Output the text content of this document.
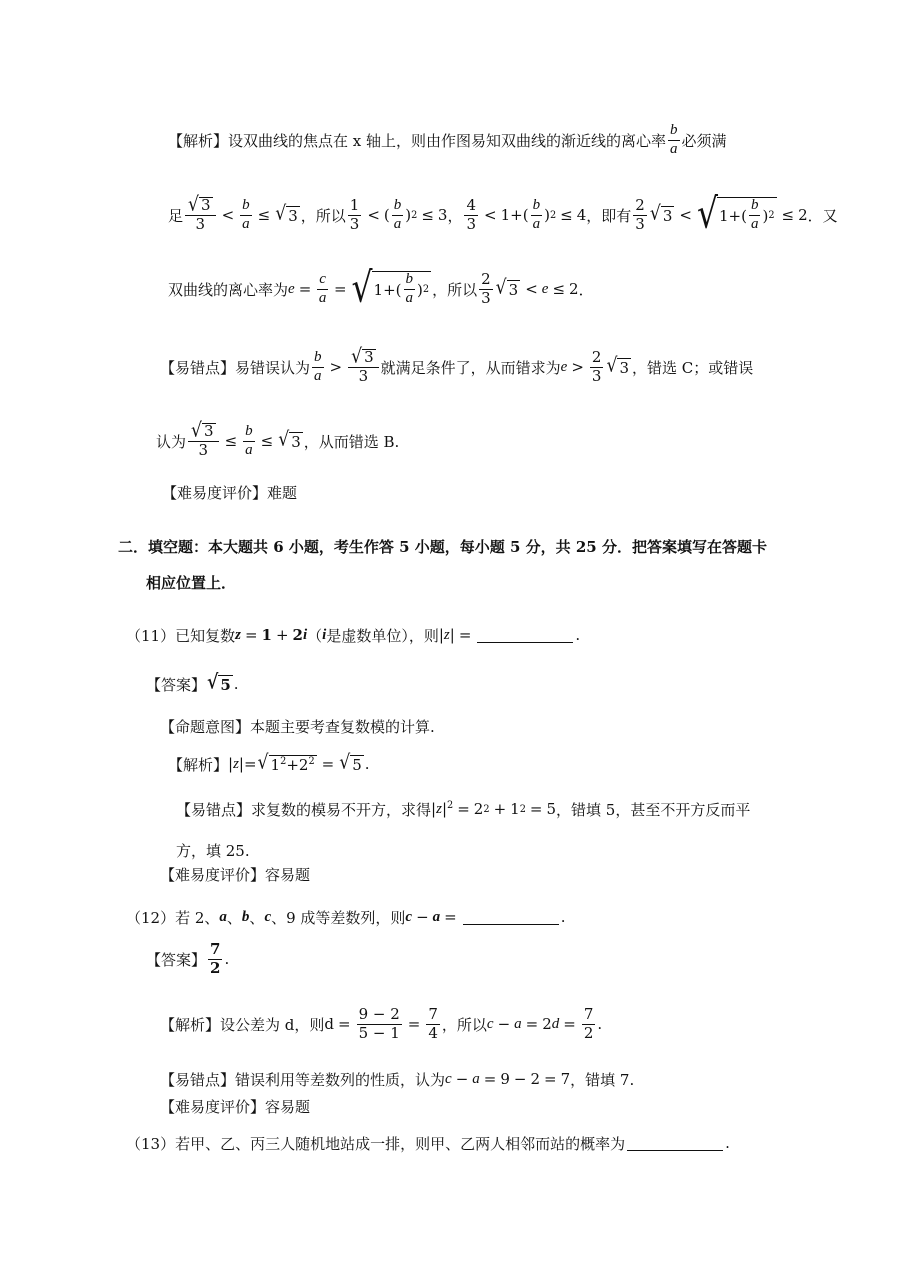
【解析】 设双曲线的焦点在 x 轴上，则由作图易知双曲线的渐近线的离心率 $\frac{b}{a}$ 必须满
足 $\frac{√ 3}{3} < \frac{b}{a}$ ≤ √ 3 ，所以 $\frac{1}{3}$ < ( $\frac{b}{a}$ ) 2 ≤ 3 ， $\frac{4}{3} < 1+( \frac{b}{a}$ ) 2 ≤ 4 ，即有 $\frac{2}{3}$ √ 3 < √ $1+( \frac{b}{a}$ ) 2 ≤ 2 ．又
双曲线的离心率为 $e = \frac{c}{a}$ = √ $1+( \frac{b}{a}$ ) 2 ，所以 $\frac{2}{3}$ √ 3 < e ≤ 2 ．
【易错点】 易错误认为 $\frac{b}{a} > \frac{√ 3}{3}$ 就满足条件了，从而错求为 $e > \frac{2}{3}$ √ 3 ，错选 C；或错误
认为 $\frac{√ 3}{3} \le \frac{b}{a}$ ≤ √ 3 ，从而错选 B.
【难易度评价】 难题
二．填空题：本大题共 6 小题，考生作答 5 小题，每小题 5 分，共 25 分．把答案填写在答题卡
相应位置上．
（11） 已知复数 z = 1 + 2 i （ i 是虚数单位），则 | z | =	.
【答案】 √ 5 .
【命题意图】 本题主要考查复数模的计算.
【解析】 | z |= √ $1^2+2^2$ = √ 5 .
【易错点】 求复数的模易不开方，求得 | z $|^2 = 2$ 2 + 1 2 = 5 ，错填 5，甚至不开方反而平
方，填 25.
【难易度评价】 容易题
（12） 若 2、 a 、 b 、 c 、9 成等差数列，则 c − a =	.
【答案】 $\frac{7}{2}$ .
【解析】 设公差为 d，则 $d = \frac{9 - 2}{5 - 1} = \frac{7}{4}$ ，所以 c − a = 2 $d = \frac{7}{2}$ .
【易错点】 错误利用等差数列的性质，认为 c − a = 9 − 2 = 7 ，错填 7.
【难易度评价】 容易题
（13） 若甲、乙、丙三人随机地站成一排，则甲、乙两人相邻而站的概率为	.
